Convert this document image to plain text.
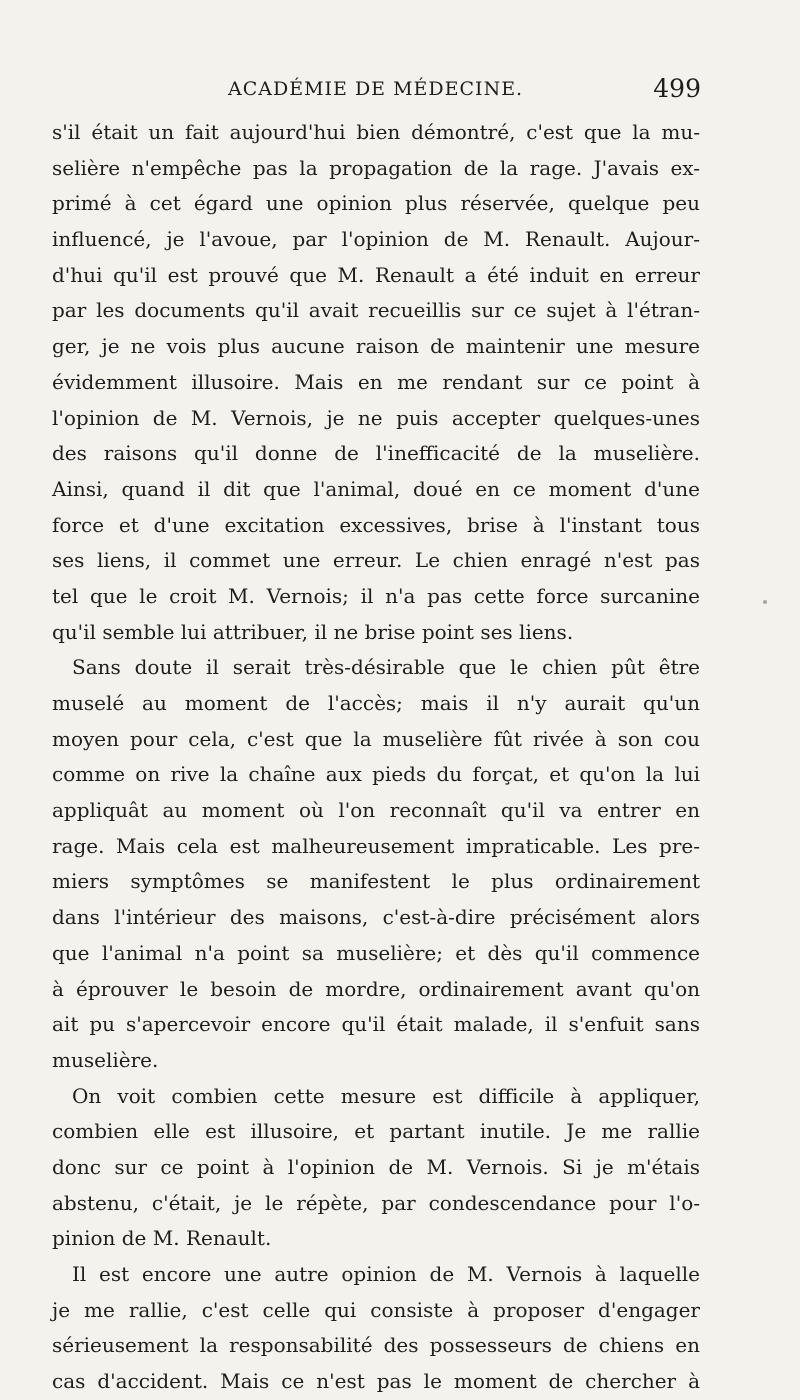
ACADÉMIE DE MÉDECINE.	499
s'il était un fait aujourd'hui bien démontré, c'est que la mu-
selière n'empêche pas la propagation de la rage. J'avais ex-
primé à cet égard une opinion plus réservée, quelque peu
influencé, je l'avoue, par l'opinion de M. Renault. Aujour-
d'hui qu'il est prouvé que M. Renault a été induit en erreur
par les documents qu'il avait recueillis sur ce sujet à l'étran-
ger, je ne vois plus aucune raison de maintenir une mesure
évidemment illusoire. Mais en me rendant sur ce point à
l'opinion de M. Vernois, je ne puis accepter quelques-unes
des raisons qu'il donne de l'inefficacité de la muselière.
Ainsi, quand il dit que l'animal, doué en ce moment d'une
force et d'une excitation excessives, brise à l'instant tous
ses liens, il commet une erreur. Le chien enragé n'est pas
tel que le croit M. Vernois; il n'a pas cette force surcanine
qu'il semble lui attribuer, il ne brise point ses liens.
Sans doute il serait très-désirable que le chien pût être
muselé au moment de l'accès; mais il n'y aurait qu'un
moyen pour cela, c'est que la muselière fût rivée à son cou
comme on rive la chaîne aux pieds du forçat, et qu'on la lui
appliquât au moment où l'on reconnaît qu'il va entrer en
rage. Mais cela est malheureusement impraticable. Les pre-
miers symptômes se manifestent le plus ordinairement
dans l'intérieur des maisons, c'est-à-dire précisément alors
que l'animal n'a point sa muselière; et dès qu'il commence
à éprouver le besoin de mordre, ordinairement avant qu'on
ait pu s'apercevoir encore qu'il était malade, il s'enfuit sans
muselière.
On voit combien cette mesure est difficile à appliquer,
combien elle est illusoire, et partant inutile. Je me rallie
donc sur ce point à l'opinion de M. Vernois. Si je m'étais
abstenu, c'était, je le répète, par condescendance pour l'o-
pinion de M. Renault.
Il est encore une autre opinion de M. Vernois à laquelle
je me rallie, c'est celle qui consiste à proposer d'engager
sérieusement la responsabilité des possesseurs de chiens en
cas d'accident. Mais ce n'est pas le moment de chercher à
